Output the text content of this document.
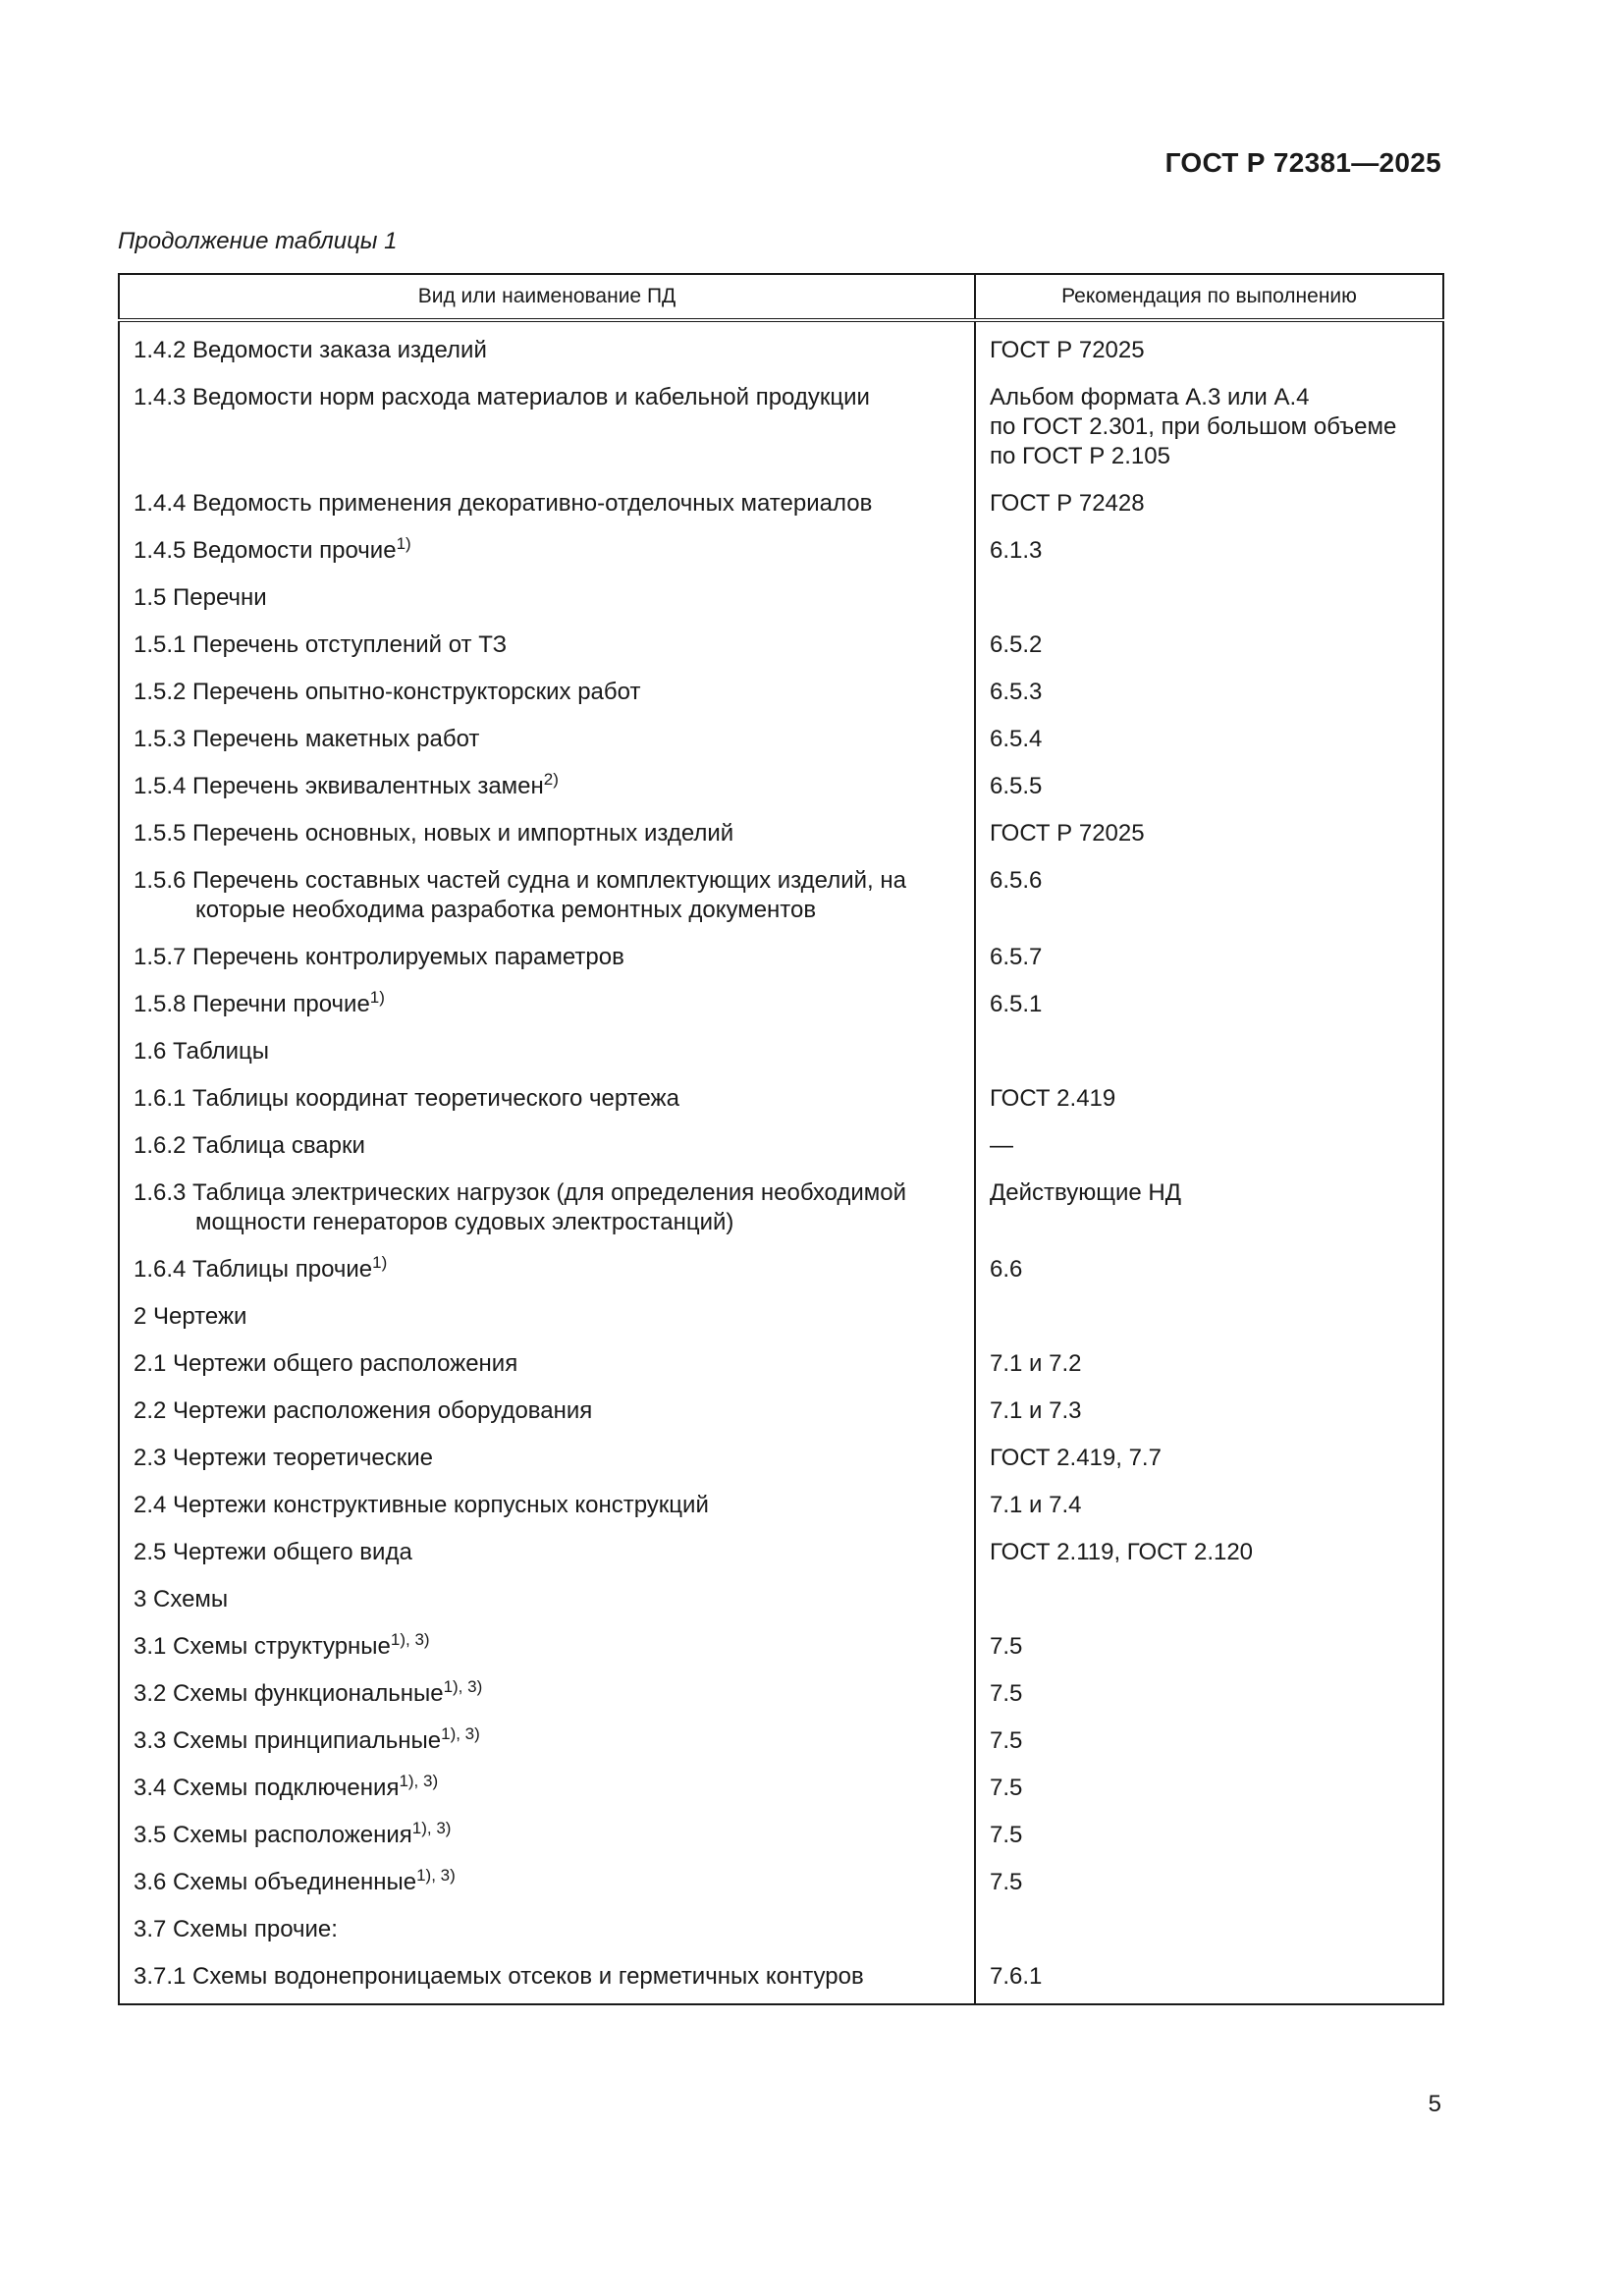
ГОСТ Р 72381—2025
Продолжение таблицы 1
Вид или наименование ПД	Рекомендация по выполнению

1.4.2 Ведомости заказа изделий	ГОСТ Р 72025

1.4.3 Ведомости норм расхода материалов и кабельной продукции	Альбом формата А.3 или А.4
по ГОСТ 2.301, при большом объеме
по ГОСТ Р 2.105

1.4.4 Ведомость применения декоративно-отделочных материалов	ГОСТ Р 72428

1.4.5 Ведомости прочие$^{1)}$	6.1.3

1.5 Перечни	

1.5.1 Перечень отступлений от ТЗ	6.5.2

1.5.2 Перечень опытно-конструкторских работ	6.5.3

1.5.3 Перечень макетных работ	6.5.4

1.5.4 Перечень эквивалентных замен$^{2)}$	6.5.5

1.5.5 Перечень основных, новых и импортных изделий	ГОСТ Р 72025

1.5.6 Перечень составных частей судна и комплектующих изделий, на которые необходима разработка ремонтных документов	6.5.6

1.5.7 Перечень контролируемых параметров	6.5.7

1.5.8 Перечни прочие$^{1)}$	6.5.1

1.6 Таблицы	

1.6.1 Таблицы координат теоретического чертежа	ГОСТ 2.419

1.6.2 Таблица сварки	—

1.6.3 Таблица электрических нагрузок (для определения необходимой мощности генераторов судовых электростанций)	Действующие НД

1.6.4 Таблицы прочие$^{1)}$	6.6

2 Чертежи	

2.1 Чертежи общего расположения	7.1 и 7.2

2.2 Чертежи расположения оборудования	7.1 и 7.3

2.3 Чертежи теоретические	ГОСТ 2.419, 7.7

2.4 Чертежи конструктивные корпусных конструкций	7.1 и 7.4

2.5 Чертежи общего вида	ГОСТ 2.119, ГОСТ 2.120

3 Схемы	

3.1 Схемы структурные$^{1), 3)}$	7.5

3.2 Схемы функциональные$^{1), 3)}$	7.5

3.3 Схемы принципиальные$^{1), 3)}$	7.5

3.4 Схемы подключения$^{1), 3)}$	7.5

3.5 Схемы расположения$^{1), 3)}$	7.5

3.6 Схемы объединенные$^{1), 3)}$	7.5

3.7 Схемы прочие:	

3.7.1 Схемы водонепроницаемых отсеков и герметичных контуров	7.6.1
5
